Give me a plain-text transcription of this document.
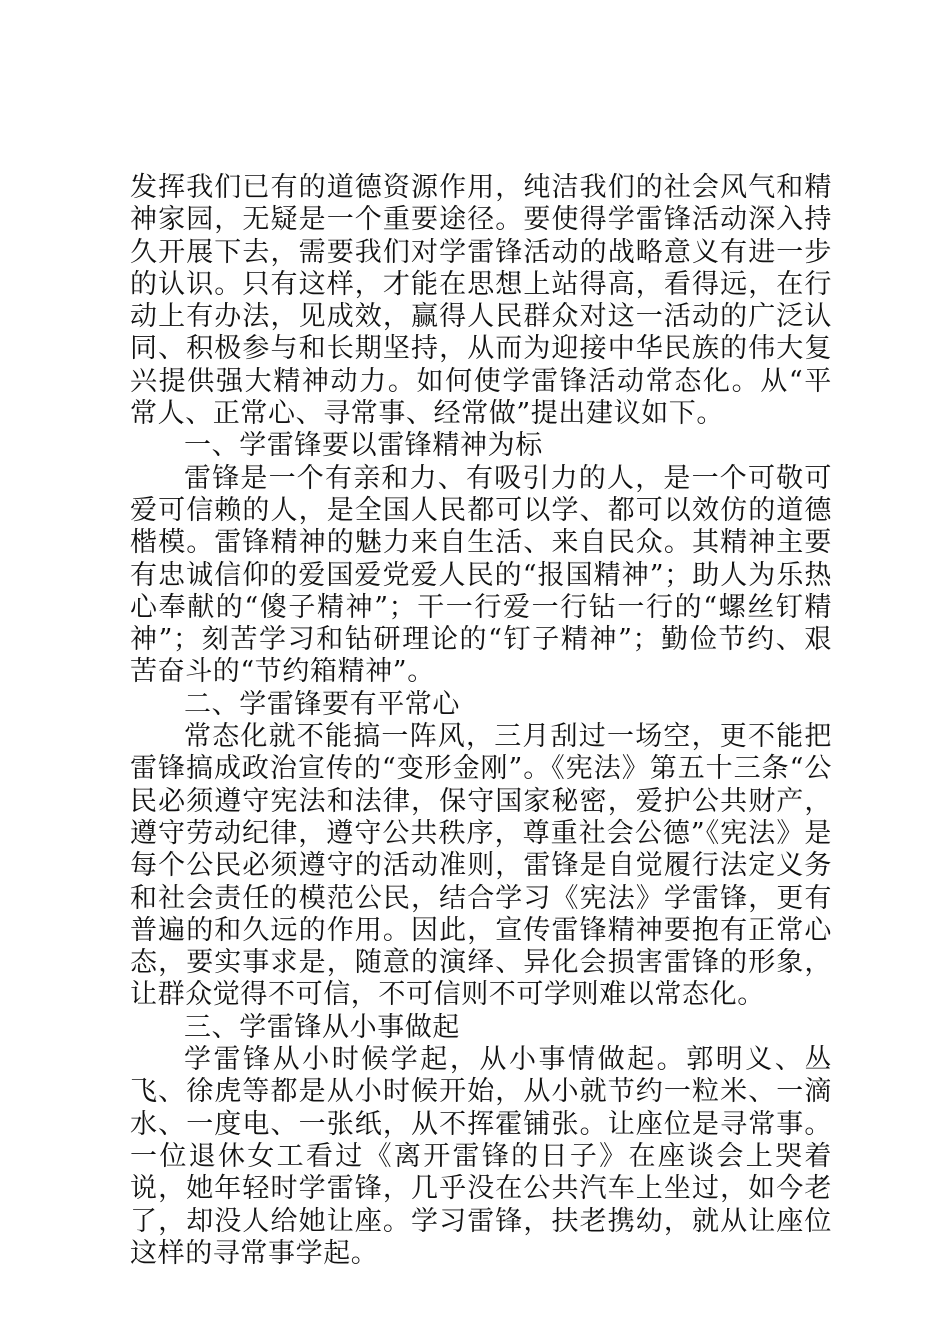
发挥我们已有的道德资源作用，纯洁我们的社会风气和精神家园，无疑是一个重要途径。要使得学雷锋活动深入持久开展下去，需要我们对学雷锋活动的战略意义有进一步的认识。只有这样，才能在思想上站得高，看得远，在行动上有办法，见成效，赢得人民群众对这一活动的广泛认同、积极参与和长期坚持，从而为迎接中华民族的伟大复兴提供强大精神动力。如何使学雷锋活动常态化。从“平常人、正常心、寻常事、经常做”提出建议如下。

一、学雷锋要以雷锋精神为标

雷锋是一个有亲和力、有吸引力的人，是一个可敬可爱可信赖的人，是全国人民都可以学、都可以效仿的道德楷模。雷锋精神的魅力来自生活、来自民众。其精神主要有忠诚信仰的爱国爱党爱人民的“报国精神”；助人为乐热心奉献的“傻子精神”；干一行爱一行钻一行的“螺丝钉精神”；刻苦学习和钻研理论的“钉子精神”；勤俭节约、艰苦奋斗的“节约箱精神”。

二、学雷锋要有平常心

常态化就不能搞一阵风，三月刮过一场空，更不能把雷锋搞成政治宣传的“变形金刚”。《宪法》第五十三条“公民必须遵守宪法和法律，保守国家秘密，爱护公共财产，遵守劳动纪律，遵守公共秩序，尊重社会公德”《宪法》是每个公民必须遵守的活动准则，雷锋是自觉履行法定义务和社会责任的模范公民，结合学习《宪法》学雷锋，更有普遍的和久远的作用。因此，宣传雷锋精神要抱有正常心态，要实事求是，随意的演绎、异化会损害雷锋的形象，让群众觉得不可信，不可信则不可学则难以常态化。

三、学雷锋从小事做起

学雷锋从小时候学起，从小事情做起。郭明义、丛飞、徐虎等都是从小时候开始，从小就节约一粒米、一滴水、一度电、一张纸，从不挥霍铺张。让座位是寻常事。一位退休女工看过《离开雷锋的日子》在座谈会上哭着说，她年轻时学雷锋，几乎没在公共汽车上坐过，如今老了，却没人给她让座。学习雷锋，扶老携幼，就从让座位这样的寻常事学起。
